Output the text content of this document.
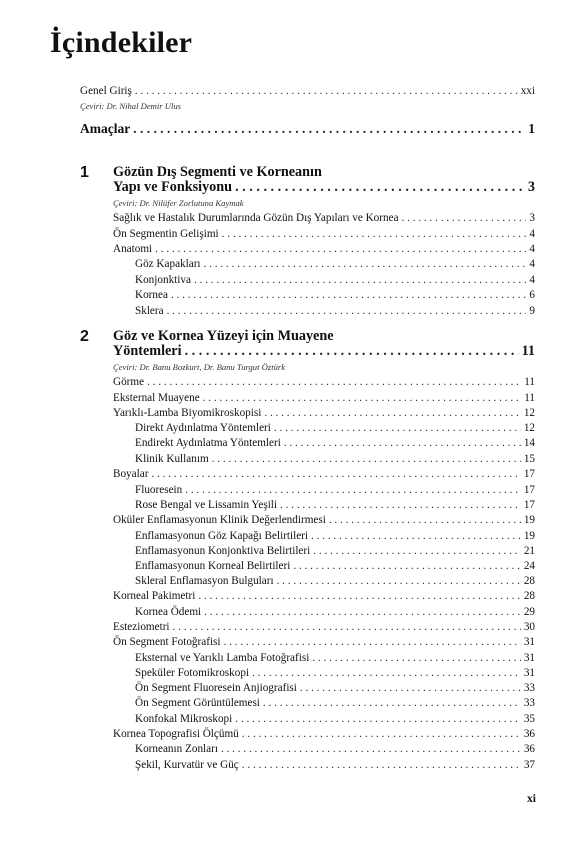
İçindekiler
Genel Giriş . . .	xxi
Çeviri: Dr. Nihal Demir Ulus
Amaçlar . . .	1
1 Gözün Dış Segmenti ve Korneanın
Yapı ve Fonksiyonu . . .	3
Çeviri: Dr. Nilüfer Zorlutuna Kaymak
Sağlık ve Hastalık Durumlarında Gözün Dış Yapıları ve Kornea . . .	3
Ön Segmentin Gelişimi . . .	4
Anatomi . . .	4
Göz Kapakları . . .	4
Konjonktiva . . .	4
Kornea . . .	6
Sklera . . .	9
2 Göz ve Kornea Yüzeyi için Muayene
Yöntemleri . . .	11
Çeviri: Dr. Banu Bozkurt, Dr. Banu Turgut Öztürk
Görme . . .	11
Eksternal Muayene . . .	11
Yarıklı-Lamba Biyomikroskopisi . . .	12
Direkt Aydınlatma Yöntemleri . . .	12
Endirekt Aydınlatma Yöntemleri . . .	14
Klinik Kullanım . . .	15
Boyalar . . .	17
Fluoresein . . .	17
Rose Bengal ve Lissamin Yeşili . . .	17
Oküler Enflamasyonun Klinik Değerlendirmesi . . .	19
Enflamasyonun Göz Kapağı Belirtileri . . .	19
Enflamasyonun Konjonktiva Belirtileri . . .	21
Enflamasyonun Korneal Belirtileri . . .	24
Skleral Enflamasyon Bulguları . . .	28
Korneal Pakimetri . . .	28
Kornea Ödemi . . .	29
Esteziometri . . .	30
Ön Segment Fotoğrafisi . . .	31
Eksternal ve Yarıklı Lamba Fotoğrafisi . . .	31
Speküler Fotomikroskopi . . .	31
Ön Segment Fluoresein Anjiografisi . . .	33
Ön Segment Görüntülemesi . . .	33
Konfokal Mikroskopi . . .	35
Kornea Topografisi Ölçümü . . .	36
Korneanın Zonları . . .	36
Şekil, Kurvatür ve Güç . . .	37
xi
